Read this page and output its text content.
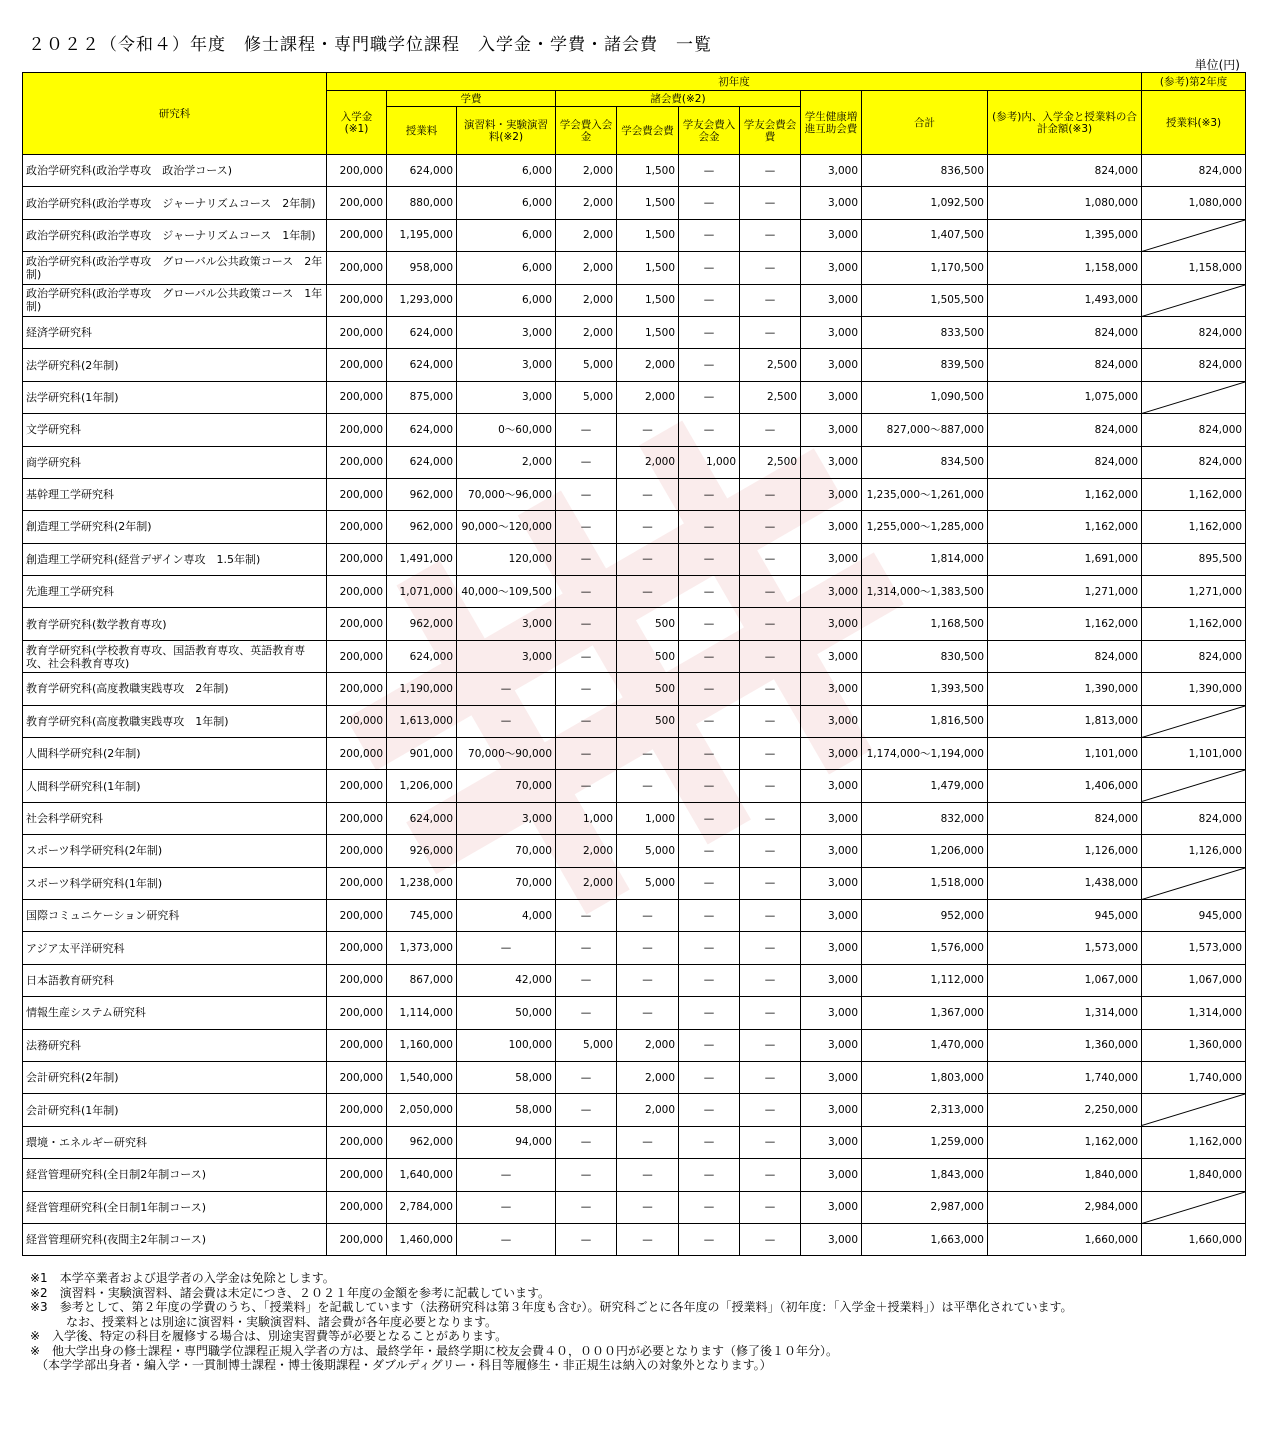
２０２２（令和４）年度　修士課程・専門職学位課程　入学金・学費・諸会費　一覧
単位(円)
研究科	初年度										(参考)第2年度
	入学金(※1)	学費		諸会費(※2)				学生健康増進互助会費	合計	(参考)内、入学金と授業料の合計金額(※3)	授業料(※3)
		授業料	演習料・実験演習料(※2)	学会費入会金	学会費会費	学友会費入会金	学友会費会費				

政治学研究科(政治学専攻　政治学コース)	200,000	624,000	6,000	2,000	1,500	—	—	3,000	836,500	824,000	824,000
政治学研究科(政治学専攻　ジャーナリズムコース　2年制)	200,000	880,000	6,000	2,000	1,500	—	—	3,000	1,092,500	1,080,000	1,080,000
政治学研究科(政治学専攻　ジャーナリズムコース　1年制)	200,000	1,195,000	6,000	2,000	1,500	—	—	3,000	1,407,500	1,395,000	

政治学研究科(政治学専攻　グローバル公共政策コース　2年制)	200,000	958,000	6,000	2,000	1,500	—	—	3,000	1,170,500	1,158,000	1,158,000
政治学研究科(政治学専攻　グローバル公共政策コース　1年制)	200,000	1,293,000	6,000	2,000	1,500	—	—	3,000	1,505,500	1,493,000	

経済学研究科	200,000	624,000	3,000	2,000	1,500	—	—	3,000	833,500	824,000	824,000
法学研究科(2年制)	200,000	624,000	3,000	5,000	2,000	—	2,500	3,000	839,500	824,000	824,000
法学研究科(1年制)	200,000	875,000	3,000	5,000	2,000	—	2,500	3,000	1,090,500	1,075,000	

文学研究科	200,000	624,000	0～60,000	—	—	—	—	3,000	827,000～887,000	824,000	824,000
商学研究科	200,000	624,000	2,000	—	2,000	1,000	2,500	3,000	834,500	824,000	824,000
基幹理工学研究科	200,000	962,000	70,000～96,000	—	—	—	—	3,000	1,235,000～1,261,000	1,162,000	1,162,000
創造理工学研究科(2年制)	200,000	962,000	90,000～120,000	—	—	—	—	3,000	1,255,000～1,285,000	1,162,000	1,162,000
創造理工学研究科(経営デザイン専攻　1.5年制)	200,000	1,491,000	120,000	—	—	—	—	3,000	1,814,000	1,691,000	895,500
先進理工学研究科	200,000	1,071,000	40,000～109,500	—	—	—	—	3,000	1,314,000～1,383,500	1,271,000	1,271,000
教育学研究科(数学教育専攻)	200,000	962,000	3,000	—	500	—	—	3,000	1,168,500	1,162,000	1,162,000
教育学研究科(学校教育専攻、国語教育専攻、英語教育専攻、社会科教育専攻)	200,000	624,000	3,000	—	500	—	—	3,000	830,500	824,000	824,000
教育学研究科(高度教職実践専攻　2年制)	200,000	1,190,000	—	—	500	—	—	3,000	1,393,500	1,390,000	1,390,000
教育学研究科(高度教職実践専攻　1年制)	200,000	1,613,000	—	—	500	—	—	3,000	1,816,500	1,813,000	

人間科学研究科(2年制)	200,000	901,000	70,000～90,000	—	—	—	—	3,000	1,174,000～1,194,000	1,101,000	1,101,000
人間科学研究科(1年制)	200,000	1,206,000	70,000	—	—	—	—	3,000	1,479,000	1,406,000	

社会科学研究科	200,000	624,000	3,000	1,000	1,000	—	—	3,000	832,000	824,000	824,000
スポーツ科学研究科(2年制)	200,000	926,000	70,000	2,000	5,000	—	—	3,000	1,206,000	1,126,000	1,126,000
スポーツ科学研究科(1年制)	200,000	1,238,000	70,000	2,000	5,000	—	—	3,000	1,518,000	1,438,000	

国際コミュニケーション研究科	200,000	745,000	4,000	—	—	—	—	3,000	952,000	945,000	945,000
アジア太平洋研究科	200,000	1,373,000	—	—	—	—	—	3,000	1,576,000	1,573,000	1,573,000
日本語教育研究科	200,000	867,000	42,000	—	—	—	—	3,000	1,112,000	1,067,000	1,067,000
情報生産システム研究科	200,000	1,114,000	50,000	—	—	—	—	3,000	1,367,000	1,314,000	1,314,000
法務研究科	200,000	1,160,000	100,000	5,000	2,000	—	—	3,000	1,470,000	1,360,000	1,360,000
会計研究科(2年制)	200,000	1,540,000	58,000	—	2,000	—	—	3,000	1,803,000	1,740,000	1,740,000
会計研究科(1年制)	200,000	2,050,000	58,000	—	2,000	—	—	3,000	2,313,000	2,250,000	

環境・エネルギー研究科	200,000	962,000	94,000	—	—	—	—	3,000	1,259,000	1,162,000	1,162,000
経営管理研究科(全日制2年制コース)	200,000	1,640,000	—	—	—	—	—	3,000	1,843,000	1,840,000	1,840,000
経営管理研究科(全日制1年制コース)	200,000	2,784,000	—	—	—	—	—	3,000	2,987,000	2,984,000	

経営管理研究科(夜間主2年制コース)	200,000	1,460,000	—	—	—	—	—	3,000	1,663,000	1,660,000	1,660,000
※1　本学卒業者および退学者の入学金は免除とします。
※2　演習料・実験演習料、諸会費は未定につき、２０２１年度の金額を参考に記載しています。
※3　参考として、第２年度の学費のうち、「授業料」を記載しています（法務研究科は第３年度も含む）。研究科ごとに各年度の「授業料」（初年度：「入学金＋授業料」）は平準化されています。
　　　なお、授業料とは別途に演習料・実験演習料、諸会費が各年度必要となります。
※　入学後、特定の科目を履修する場合は、別途実習費等が必要となることがあります。
※　他大学出身の修士課程・専門職学位課程正規入学者の方は、最終学年・最終学期に校友会費４０，０００円が必要となります（修了後１０年分）。
　（本学学部出身者・編入学・一貫制博士課程・博士後期課程・ダブルディグリー・科目等履修生・非正規生は納入の対象外となります。）
